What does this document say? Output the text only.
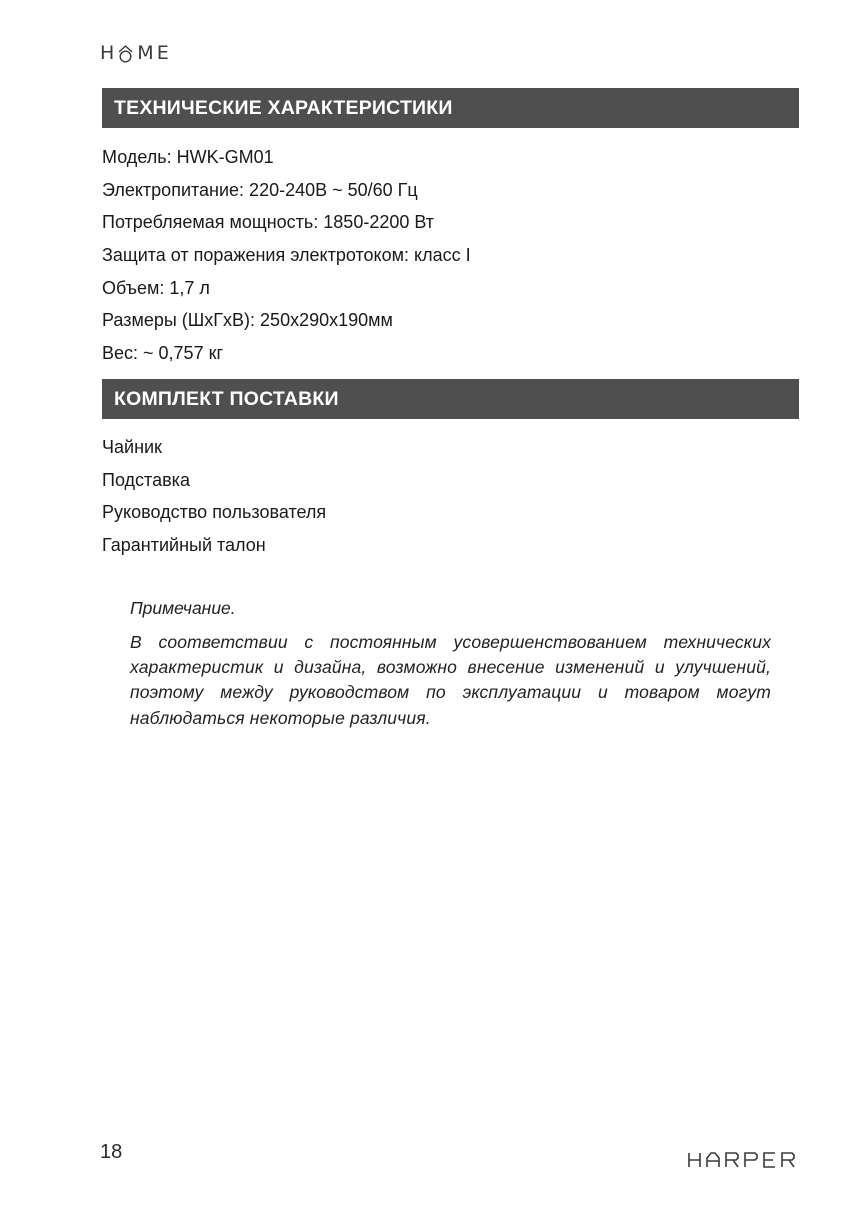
H ME
ТЕХНИЧЕСКИЕ ХАРАКТЕРИСТИКИ
Модель: HWK-GM01
Электропитание: 220-240В ~ 50/60 Гц
Потребляемая мощность: 1850-2200 Вт
Защита от поражения электротоком: класс I
Объем: 1,7 л
Размеры (ШхГхВ): 250x290x190мм
Вес: ~ 0,757 кг
КОМПЛЕКТ ПОСТАВКИ
Чайник
Подставка
Руководство пользователя
Гарантийный талон
Примечание.
В соответствии с постоянным усовершенствованием технических характеристик и дизайна, возможно внесение изменений и улучшений, поэтому между руководством по эксплуатации и товаром могут наблюдаться некоторые различия.
18
